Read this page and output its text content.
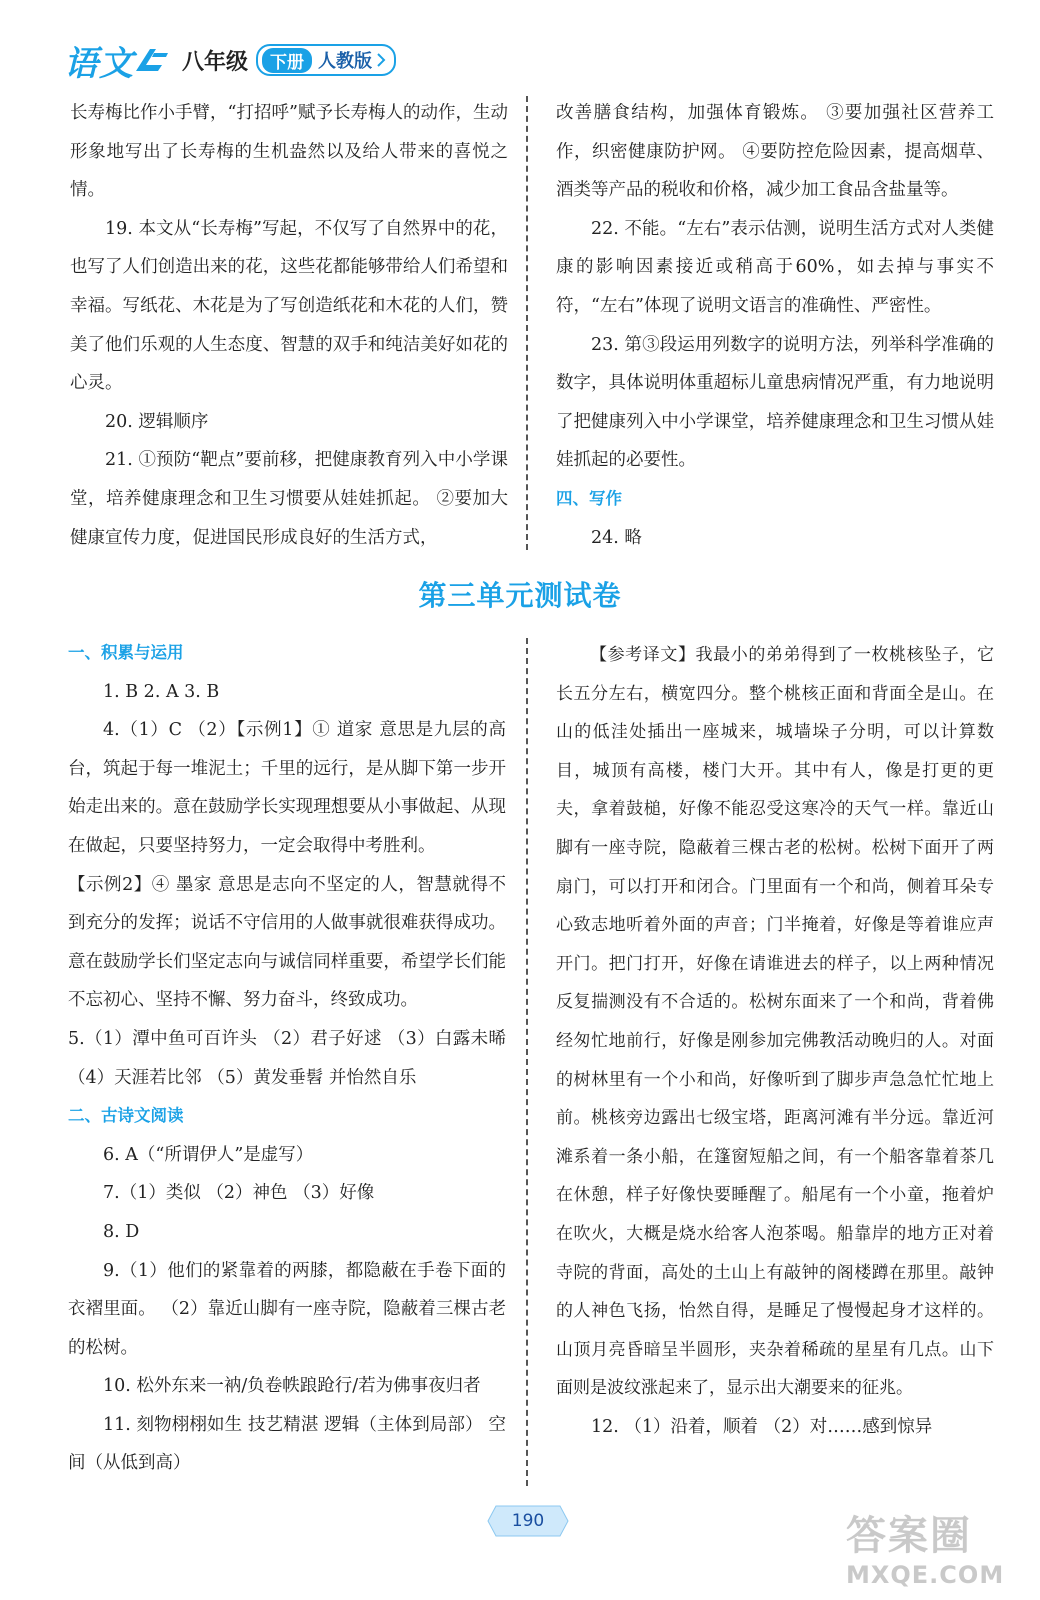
语文 八年级	下册 人教版

长寿梅比作小手臂，“打招呼”赋予长寿梅人的动作，生动形象地写出了长寿梅的生机盎然以及给人带来的喜悦之情。

19. 本文从“长寿梅”写起，不仅写了自然界中的花，也写了人们创造出来的花，这些花都能够带给人们希望和幸福。写纸花、木花是为了写创造纸花和木花的人们，赞美了他们乐观的人生态度、智慧的双手和纯洁美好如花的心灵。

20. 逻辑顺序

21. ①预防“靶点”要前移，把健康教育列入中小学课堂，培养健康理念和卫生习惯要从娃娃抓起。 ②要加大健康宣传力度，促进国民形成良好的生活方式，

改善膳食结构，加强体育锻炼。 ③要加强社区营养工作，织密健康防护网。 ④要防控危险因素，提高烟草、酒类等产品的税收和价格，减少加工食品含盐量等。

22. 不能。“左右”表示估测，说明生活方式对人类健康的影响因素接近或稍高于60%，如去掉与事实不符，“左右”体现了说明文语言的准确性、严密性。

23. 第③段运用列数字的说明方法，列举科学准确的数字，具体说明体重超标儿童患病情况严重，有力地说明了把健康列入中小学课堂，培养健康理念和卫生习惯从娃娃抓起的必要性。

四、写作

24. 略

第三单元测试卷

一、积累与运用

1. B 2. A 3. B

4.（1）C （2）【示例1】① 道家 意思是九层的高台，筑起于每一堆泥土；千里的远行，是从脚下第一步开始走出来的。意在鼓励学长实现理想要从小事做起、从现在做起，只要坚持努力，一定会取得中考胜利。

【示例2】④ 墨家 意思是志向不坚定的人，智慧就得不到充分的发挥；说话不守信用的人做事就很难获得成功。意在鼓励学长们坚定志向与诚信同样重要，希望学长们能不忘初心、坚持不懈、努力奋斗，终致成功。

5.（1）潭中鱼可百许头 （2）君子好逑 （3）白露未晞 （4）天涯若比邻 （5）黄发垂髫 并怡然自乐

二、古诗文阅读

6. A（“所谓伊人”是虚写）

7.（1）类似 （2）神色 （3）好像

8. D

9.（1）他们的紧靠着的两膝，都隐蔽在手卷下面的衣褶里面。 （2）靠近山脚有一座寺院，隐蔽着三棵古老的松树。

10. 松外东来一衲/负卷帙踉跄行/若为佛事夜归者

11. 刻物栩栩如生 技艺精湛 逻辑（主体到局部） 空间（从低到高）

【参考译文】我最小的弟弟得到了一枚桃核坠子，它长五分左右，横宽四分。整个桃核正面和背面全是山。在山的低洼处插出一座城来，城墙垛子分明，可以计算数目，城顶有高楼，楼门大开。其中有人，像是打更的更夫，拿着鼓槌，好像不能忍受这寒冷的天气一样。靠近山脚有一座寺院，隐蔽着三棵古老的松树。松树下面开了两扇门，可以打开和闭合。门里面有一个和尚，侧着耳朵专心致志地听着外面的声音；门半掩着，好像是等着谁应声开门。把门打开，好像在请谁进去的样子，以上两种情况反复揣测没有不合适的。松树东面来了一个和尚，背着佛经匆忙地前行，好像是刚参加完佛教活动晚归的人。对面的树林里有一个小和尚，好像听到了脚步声急急忙忙地上前。桃核旁边露出七级宝塔，距离河滩有半分远。靠近河滩系着一条小船，在篷窗短船之间，有一个船客靠着茶几在休憩，样子好像快要睡醒了。船尾有一个小童，拖着炉在吹火，大概是烧水给客人泡茶喝。船靠岸的地方正对着寺院的背面，高处的土山上有敲钟的阁楼蹲在那里。敲钟的人神色飞扬，怡然自得，是睡足了慢慢起身才这样的。山顶月亮昏暗呈半圆形，夹杂着稀疏的星星有几点。山下面则是波纹涨起来了，显示出大潮要来的征兆。

12. （1）沿着，顺着 （2）对……感到惊异

190	答案圈
MXQE.COM
